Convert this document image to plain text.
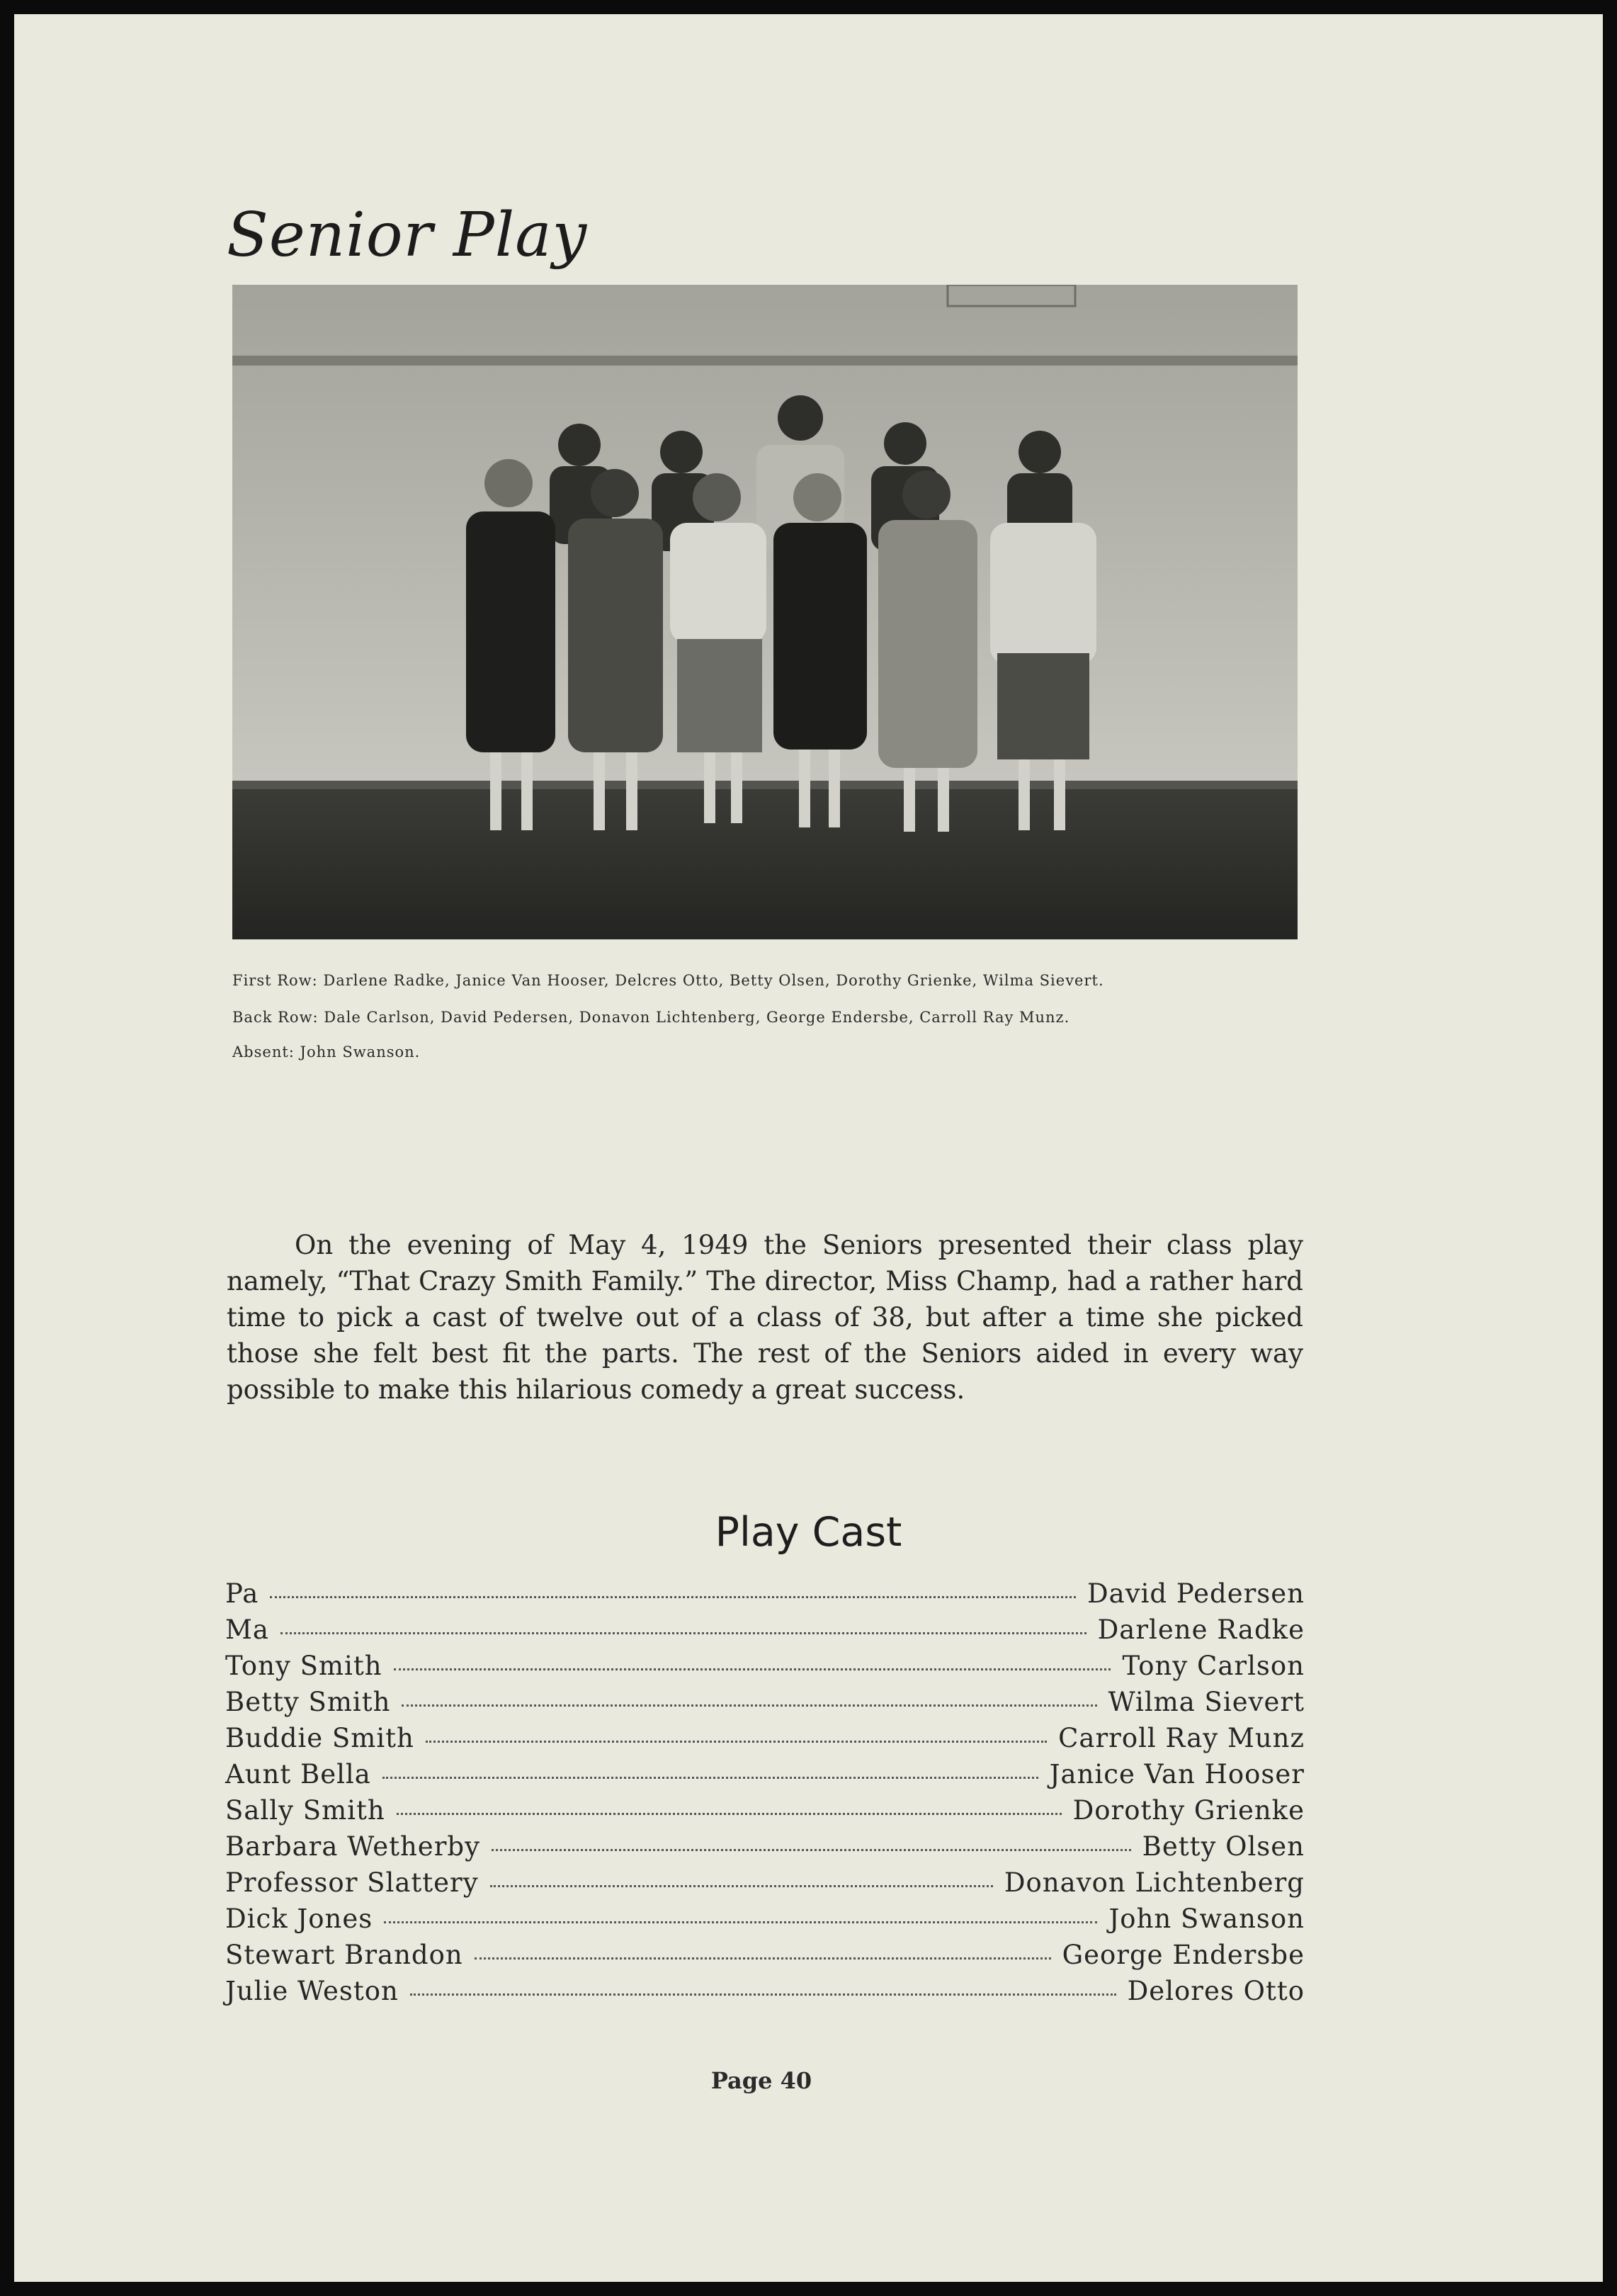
Senior Play
First Row: Darlene Radke, Janice Van Hooser, Delcres Otto, Betty Olsen, Dorothy Grienke, Wilma Sievert.
Back Row: Dale Carlson, David Pedersen, Donavon Lichtenberg, George Endersbe, Carroll Ray Munz.
Absent: John Swanson.
On the evening of May 4, 1949 the Seniors presented their class play namely, “That Crazy Smith Family.” The director, Miss Champ, had a rather hard time to pick a cast of twelve out of a class of 38, but after a time she picked those she felt best fit the parts. The rest of the Seniors aided in every way possible to make this hilarious comedy a great success.
Play Cast
Pa	David Pedersen
Ma	Darlene Radke
Tony Smith	Tony Carlson
Betty Smith	Wilma Sievert
Buddie Smith	Carroll Ray Munz
Aunt Bella	Janice Van Hooser
Sally Smith	Dorothy Grienke
Barbara Wetherby	Betty Olsen
Professor Slattery	Donavon Lichtenberg
Dick Jones	John Swanson
Stewart Brandon	George Endersbe
Julie Weston	Delores Otto
Page 40
